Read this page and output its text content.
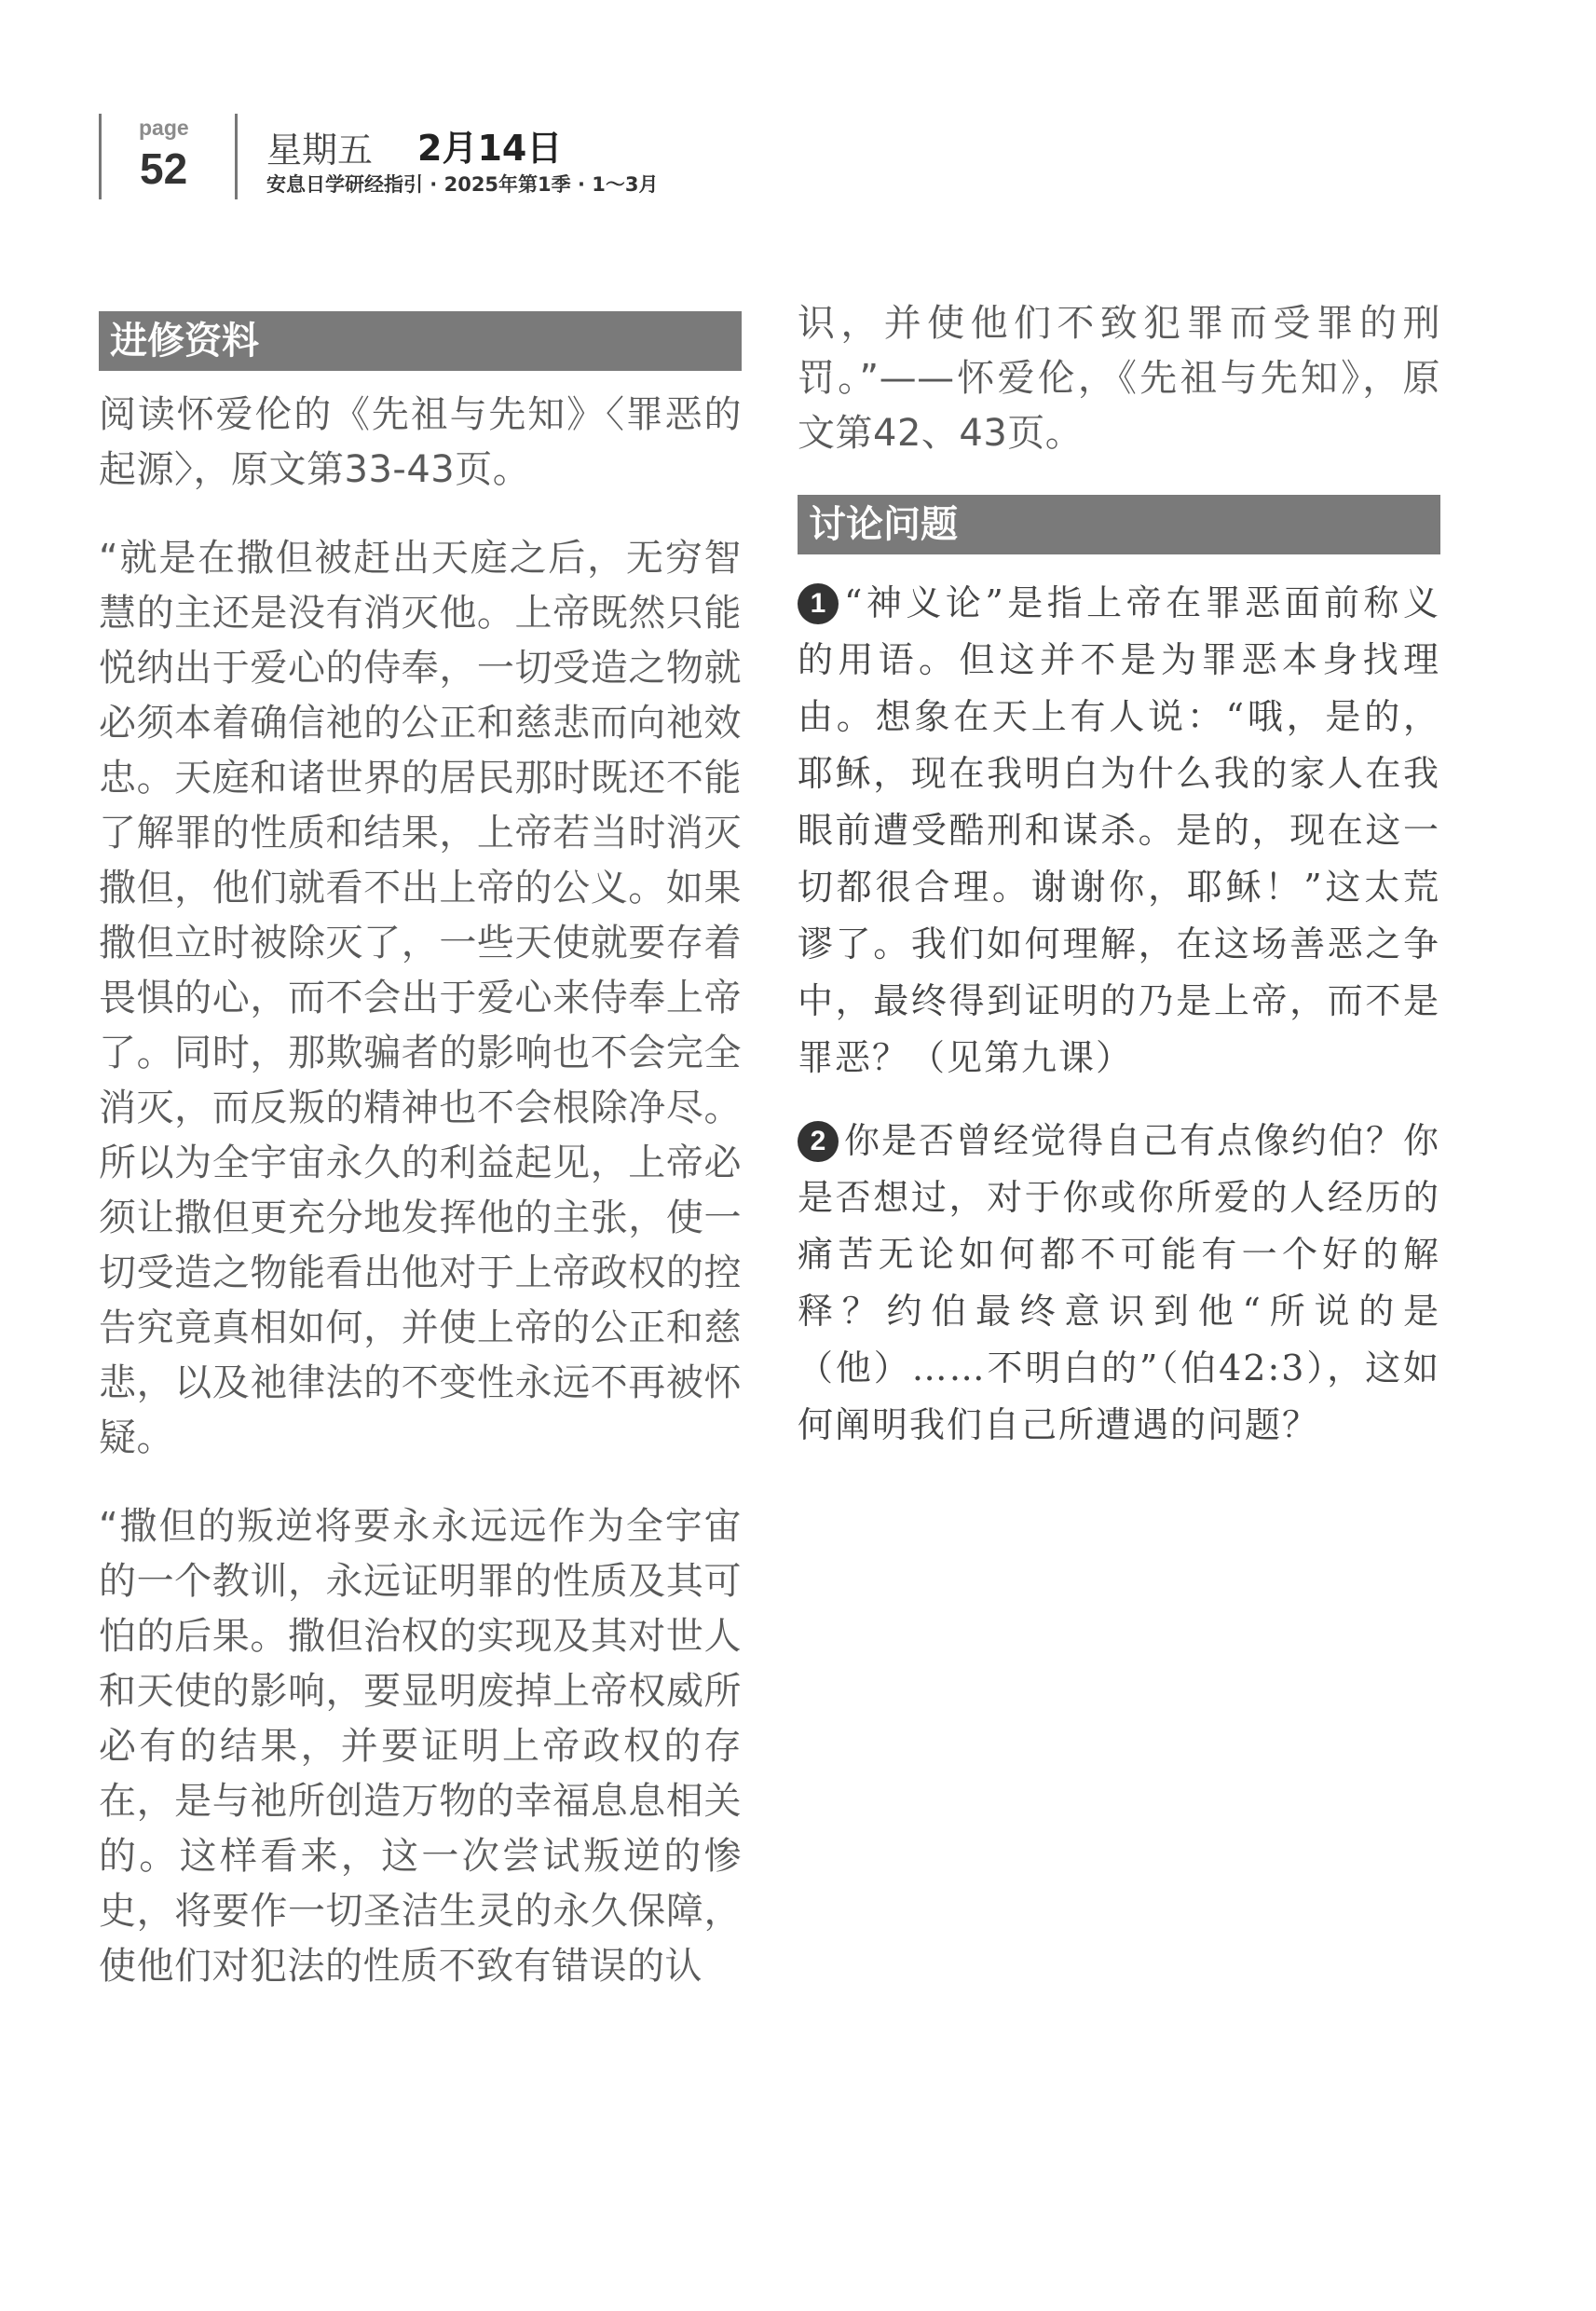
page
52 星期五 2月14日
安息日学研经指引 · 2025年第1季 · 1～3月
进修资料

阅读怀爱伦的《先祖与先知》〈罪恶的起源〉，原文第33-43页。

“就是在撒但被赶出天庭之后，无穷智慧的主还是没有消灭他。上帝既然只能悦纳出于爱心的侍奉，一切受造之物就必须本着确信祂的公正和慈悲而向祂效忠。天庭和诸世界的居民那时既还不能了解罪的性质和结果，上帝若当时消灭撒但，他们就看不出上帝的公义。如果撒但立时被除灭了，一些天使就要存着畏惧的心，而不会出于爱心来侍奉上帝了。同时，那欺骗者的影响也不会完全消灭，而反叛的精神也不会根除净尽。所以为全宇宙永久的利益起见，上帝必须让撒但更充分地发挥他的主张，使一切受造之物能看出他对于上帝政权的控告究竟真相如何，并使上帝的公正和慈悲，以及祂律法的不变性永远不再被怀疑。

“撒但的叛逆将要永永远远作为全宇宙的一个教训，永远证明罪的性质及其可怕的后果。撒但治权的实现及其对世人和天使的影响，要显明废掉上帝权威所必有的结果，并要证明上帝政权的存在，是与祂所创造万物的幸福息息相关的。这样看来，这一次尝试叛逆的惨史，将要作一切圣洁生灵的永久保障，使他们对犯法的性质不致有错误的认

识，并使他们不致犯罪而受罪的刑罚。”——怀爱伦，《先祖与先知》，原文第42、43页。

讨论问题

1 “神义论”是指上帝在罪恶面前称义的用语。但这并不是为罪恶本身找理由。想象在天上有人说：“哦，是的，耶稣，现在我明白为什么我的家人在我眼前遭受酷刑和谋杀。是的，现在这一切都很合理。谢谢你，耶稣！”这太荒谬了。我们如何理解，在这场善恶之争中，最终得到证明的乃是上帝，而不是罪恶？（见第九课）

2 你是否曾经觉得自己有点像约伯？你是否想过，对于你或你所爱的人经历的痛苦无论如何都不可能有一个好的解释？约伯最终意识到他“所说的是（他）……不明白的”（伯42:3），这如何阐明我们自己所遭遇的问题？
